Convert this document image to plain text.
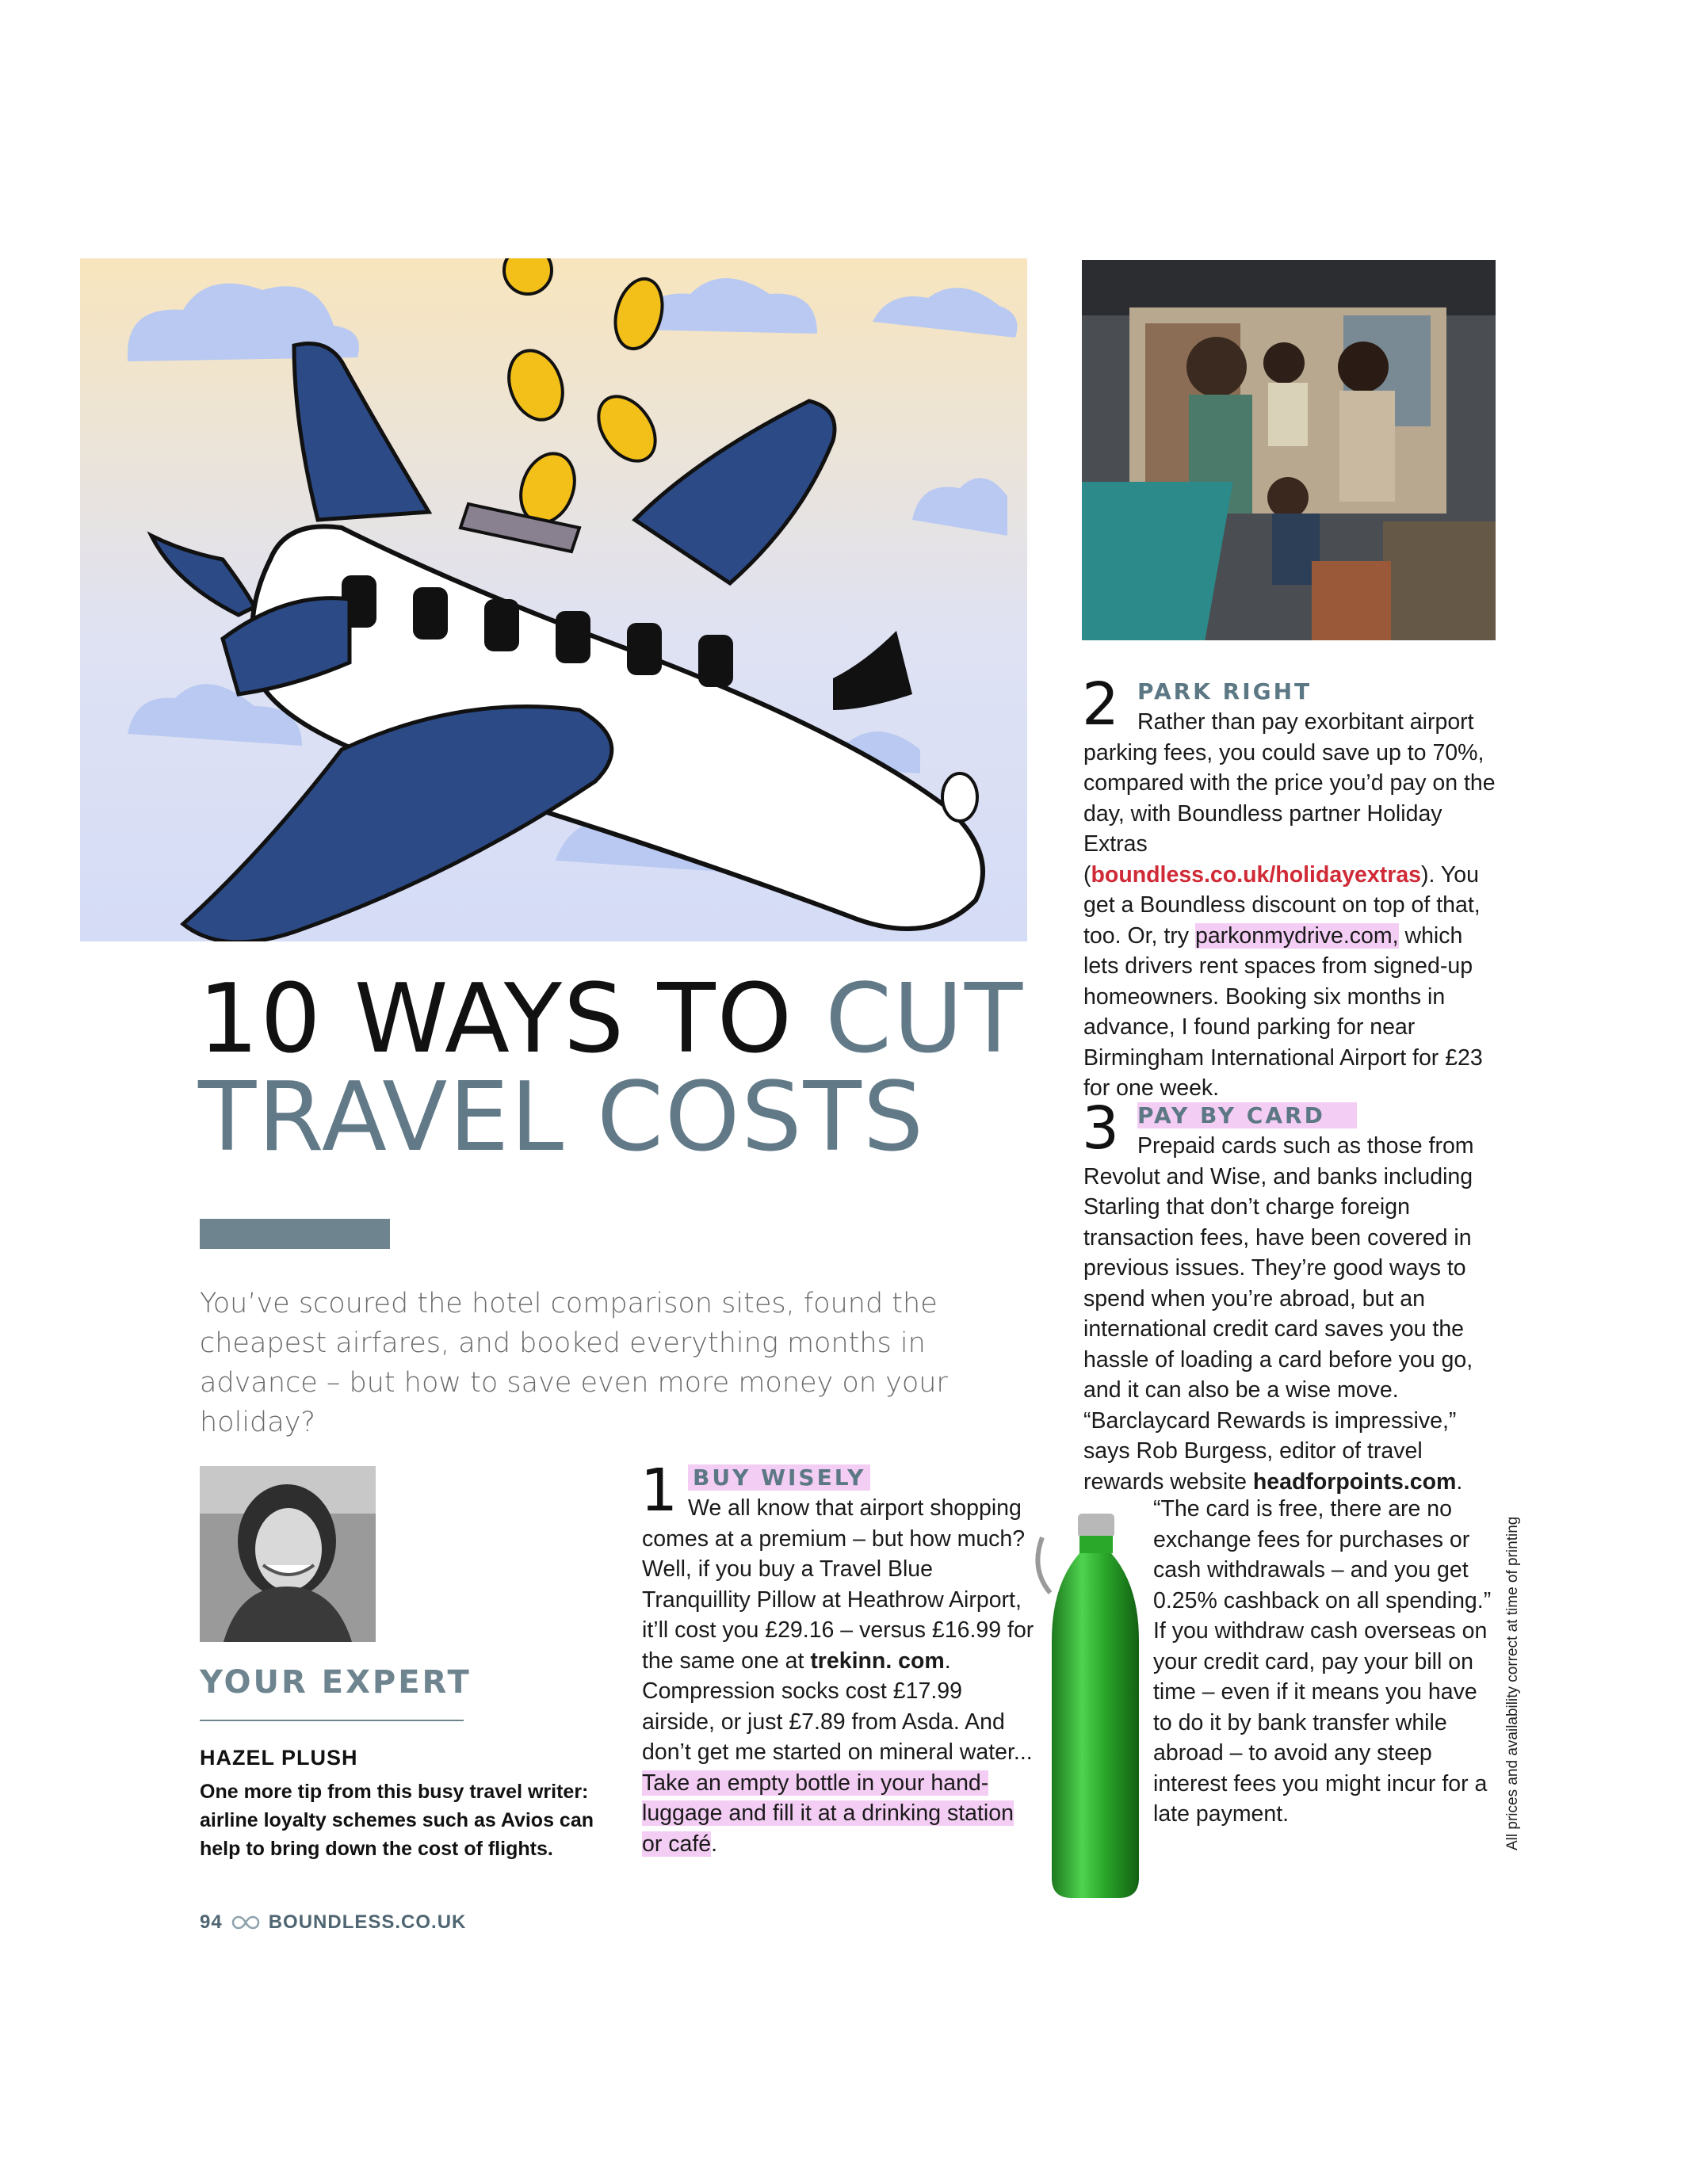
10 WAYS TO CUT
TRAVEL COSTS

You’ve scoured the hotel comparison sites, found the cheapest airfares, and booked everything months in advance – but how to save even more money on your holiday?

YOUR EXPERT

HAZEL PLUSH

One more tip from this busy travel writer: airline loyalty schemes such as Avios can help to bring down the cost of flights.

94 BOUNDLESS.CO.UK
1 BUY WISELY

We all know that airport shopping comes at a premium – but how much? Well, if you buy a Travel Blue Tranquillity Pillow at Heathrow Airport, it’ll cost you £29.16 – versus £16.99 for the same one at trekinn. com. Compression socks cost £17.99 airside, or just £7.89 from Asda. And don’t get me started on mineral water... Take an empty bottle in your hand-luggage and fill it at a drinking station or café.

2 PARK RIGHT

Rather than pay exorbitant airport parking fees, you could save up to 70%, compared with the price you’d pay on the day, with Boundless partner Holiday Extras (boundless.co.uk/holidayextras). You get a Boundless discount on top of that, too. Or, try parkonmydrive.com, which lets drivers rent spaces from signed-up homeowners. Booking six months in advance, I found parking for near Birmingham International Airport for £23 for one week.

3 PAY BY CARD

Prepaid cards such as those from Revolut and Wise, and banks including Starling that don’t charge foreign transaction fees, have been covered in previous issues. They’re good ways to spend when you’re abroad, but an international credit card saves you the hassle of loading a card before you go, and it can also be a wise move. “Barclaycard Rewards is impressive,” says Rob Burgess, editor of travel rewards website headforpoints.com.

“The card is free, there are no exchange fees for purchases or cash withdrawals – and you get 0.25% cashback on all spending.” If you withdraw cash overseas on your credit card, pay your bill on time – even if it means you have to do it by bank transfer while abroad – to avoid any steep interest fees you might incur for a late payment.	All prices and availability correct at time of printing
